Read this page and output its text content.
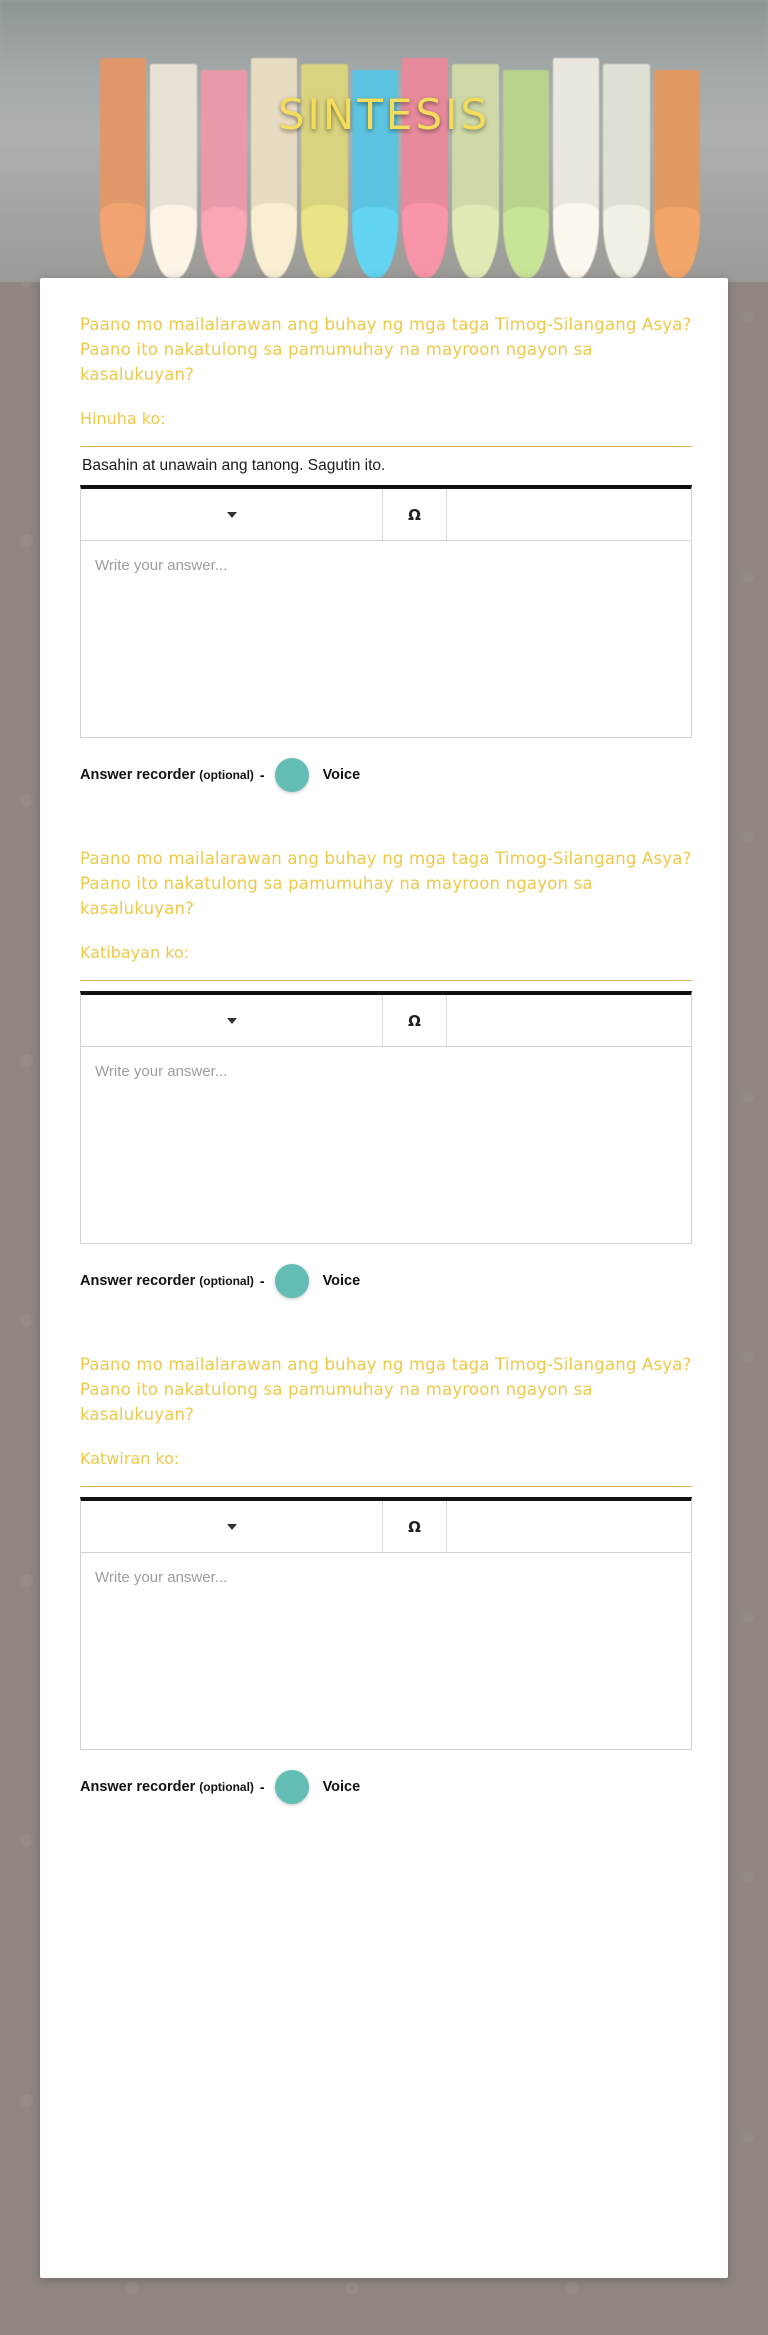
SINTESIS
Paano mo mailalarawan ang buhay ng mga taga Timog-Silangang Asya? Paano ito nakatulong sa pamumuhay na mayroon ngayon sa kasalukuyan?
Hinuha ko:
Basahin at unawain ang tanong. Sagutin ito.
Ω
Write your answer...
Answer recorder (optional) -	Voice
Paano mo mailalarawan ang buhay ng mga taga Timog-Silangang Asya? Paano ito nakatulong sa pamumuhay na mayroon ngayon sa kasalukuyan?
Katibayan ko:
Ω
Write your answer...
Answer recorder (optional) -	Voice
Paano mo mailalarawan ang buhay ng mga taga Timog-Silangang Asya? Paano ito nakatulong sa pamumuhay na mayroon ngayon sa kasalukuyan?
Katwiran ko:
Ω
Write your answer...
Answer recorder (optional) -	Voice
